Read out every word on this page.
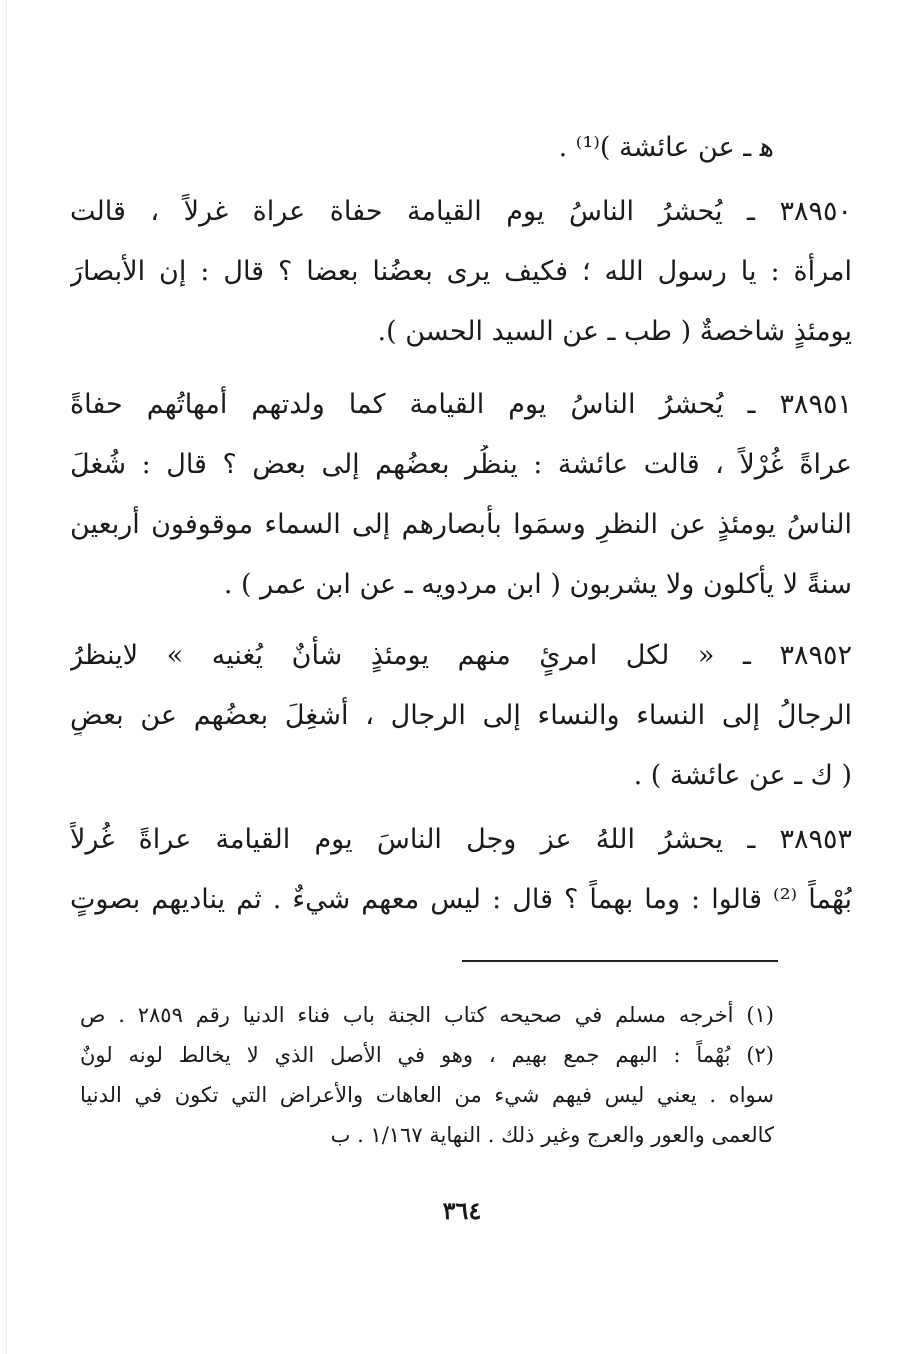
ﻫ ـ عن عائشة )⁽¹⁾ .
٣٨٩٥٠ ـ يُحشرُ الناسُ يوم القيامة حفاة عراة غرلاً ، قالت
امرأة : يا رسول الله ؛ فكيف يرى بعضُنا بعضا ؟ قال : إن الأبصارَ
يومئذٍ شاخصةٌ ( طب ـ عن السيد الحسن ).
٣٨٩٥١ ـ يُحشرُ الناسُ يوم القيامة كما ولدتهم أمهاتُهم حفاةً
عراةً غُرْلاً ، قالت عائشة : ينظُر بعضُهم إلى بعض ؟ قال : شُغلَ
الناسُ يومئذٍ عن النظرِ وسمَوا بأبصارهم إلى السماء موقوفون أربعين
سنةً لا يأكلون ولا يشربون ( ابن مردويه ـ عن ابن عمر ) .
٣٨٩٥٢ ـ « لكل امرئٍ منهم يومئذٍ شأنٌ يُغنيه » لاينظرُ
الرجالُ إلى النساء والنساء إلى الرجال ، أُشغِلَ بعضُهم عن بعضٍ
( ك ـ عن عائشة ) .
٣٨٩٥٣ ـ يحشرُ اللهُ عز وجل الناسَ يوم القيامة عراةً غُرلاً
بُهْماً ⁽²⁾ قالوا : وما بهماً ؟ قال : ليس معهم شيءٌ . ثم يناديهم بصوتٍ
(١) أخرجه مسلم في صحيحه كتاب الجنة باب فناء الدنيا رقم ٢٨٥٩ . ص
(٢) بُهْماً : البهم جمع بهيم ، وهو في الأصل الذي لا يخالط لونه لونٌ
سواه . يعني ليس فيهم شيء من العاهات والأعراض التي تكون في الدنيا
كالعمى والعور والعرج وغير ذلك . النهاية ١/١٦٧ . ب
٣٦٤
